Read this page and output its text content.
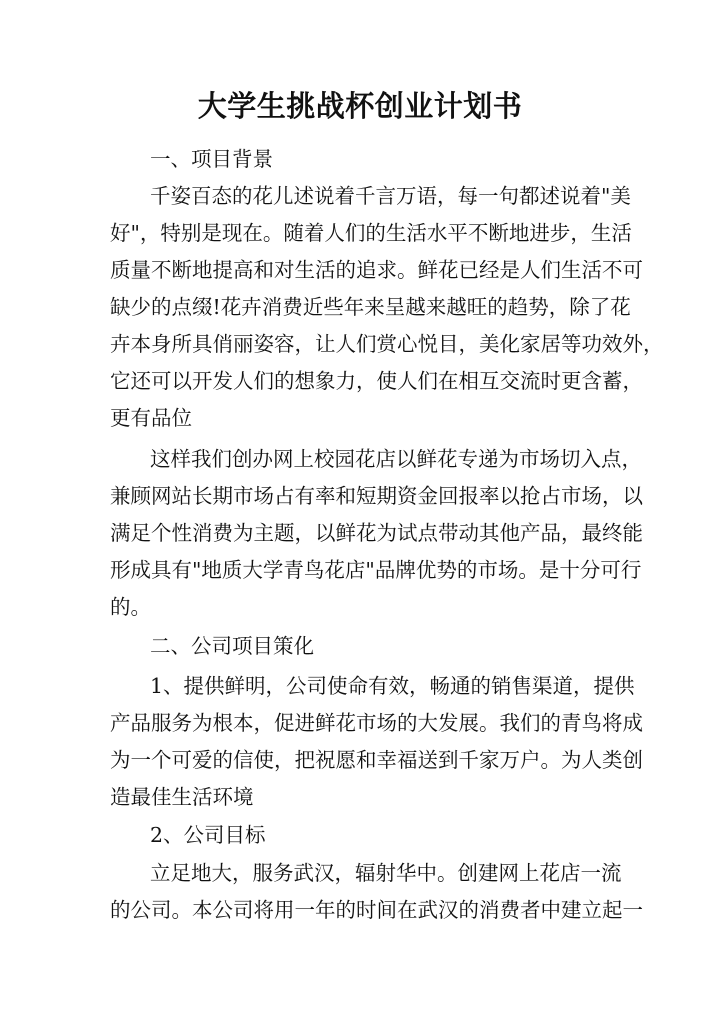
大学生挑战杯创业计划书
一、项目背景
千姿百态的花儿述说着千言万语，每一句都述说着"美
好"，特别是现在。随着人们的生活水平不断地进步，生活
质量不断地提高和对生活的追求。鲜花已经是人们生活不可
缺少的点缀!花卉消费近些年来呈越来越旺的趋势，除了花
卉本身所具俏丽姿容，让人们赏心悦目，美化家居等功效外，
它还可以开发人们的想象力，使人们在相互交流时更含蓄，
更有品位
这样我们创办网上校园花店以鲜花专递为市场切入点，
兼顾网站长期市场占有率和短期资金回报率以抢占市场，以
满足个性消费为主题，以鲜花为试点带动其他产品，最终能
形成具有"地质大学青鸟花店"品牌优势的市场。是十分可行
的。
二、公司项目策化
1、提供鲜明，公司使命有效，畅通的销售渠道，提供
产品服务为根本，促进鲜花市场的大发展。我们的青鸟将成
为一个可爱的信使，把祝愿和幸福送到千家万户。为人类创
造最佳生活环境
2、公司目标
立足地大，服务武汉，辐射华中。创建网上花店一流
的公司。本公司将用一年的时间在武汉的消费者中建立起一
